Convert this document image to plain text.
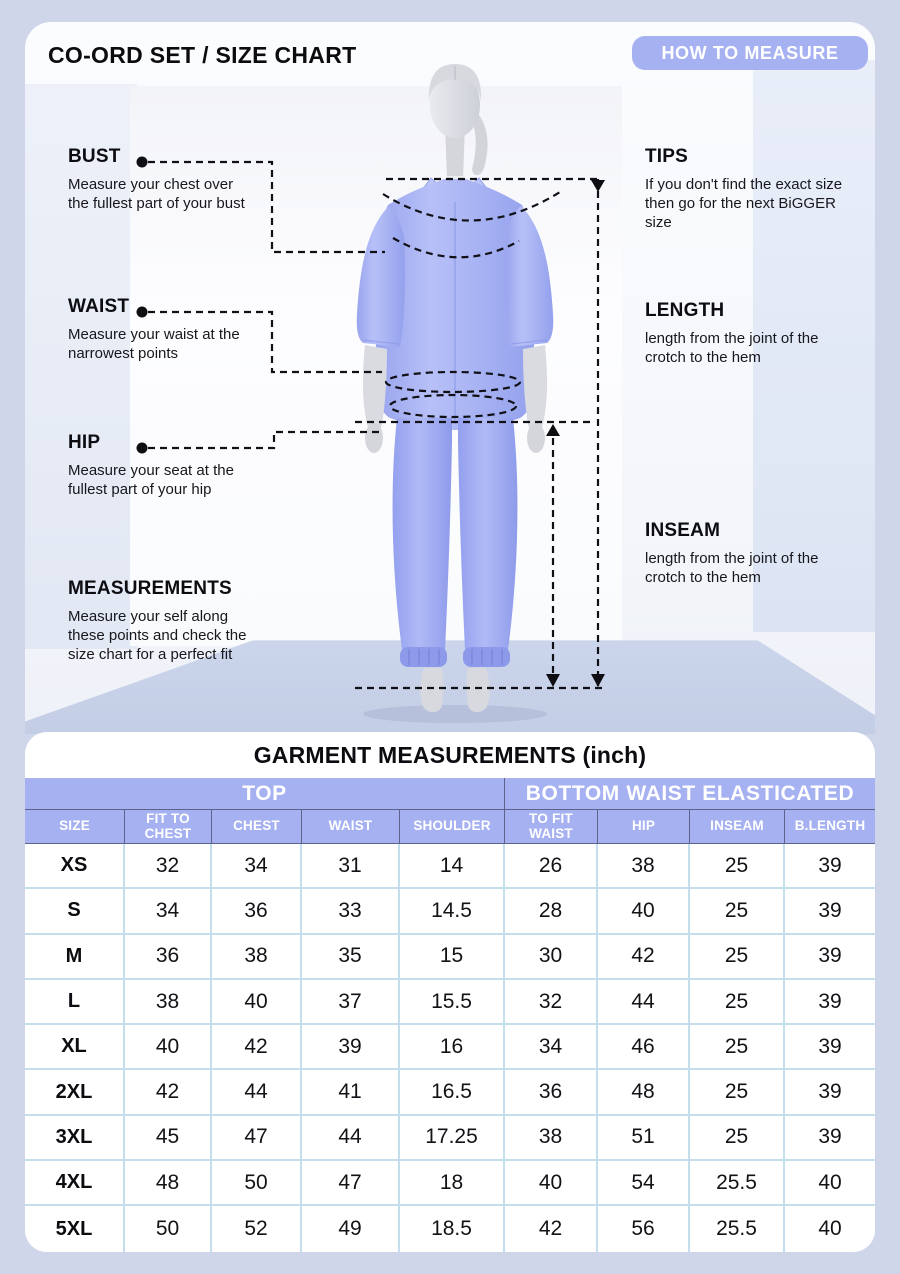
CO-ORD SET / SIZE CHART	HOW TO MEASURE
BUST
Measure your chest over the fullest part of your bust
WAIST
Measure your waist at the narrowest points
HIP
Measure your seat at the fullest part of your hip
MEASUREMENTS
Measure your self along these points and check the size chart for a perfect fit
TIPS
If you don't find the exact size then go for the next BiGGER size
LENGTH
length from the joint of the crotch to the hem
INSEAM
length from the joint of the crotch to the hem
GARMENT MEASUREMENTS (inch)
TOP	BOTTOM WAIST ELASTICATED
SIZE	FIT TO CHEST	CHEST	WAIST	SHOULDER	TO FIT WAIST	HIP	INSEAM	B.LENGTH
XS	32	34	31	14	26	38	25	39
S	34	36	33	14.5	28	40	25	39
M	36	38	35	15	30	42	25	39
L	38	40	37	15.5	32	44	25	39
XL	40	42	39	16	34	46	25	39
2XL	42	44	41	16.5	36	48	25	39
3XL	45	47	44	17.25	38	51	25	39
4XL	48	50	47	18	40	54	25.5	40
5XL	50	52	49	18.5	42	56	25.5	40
